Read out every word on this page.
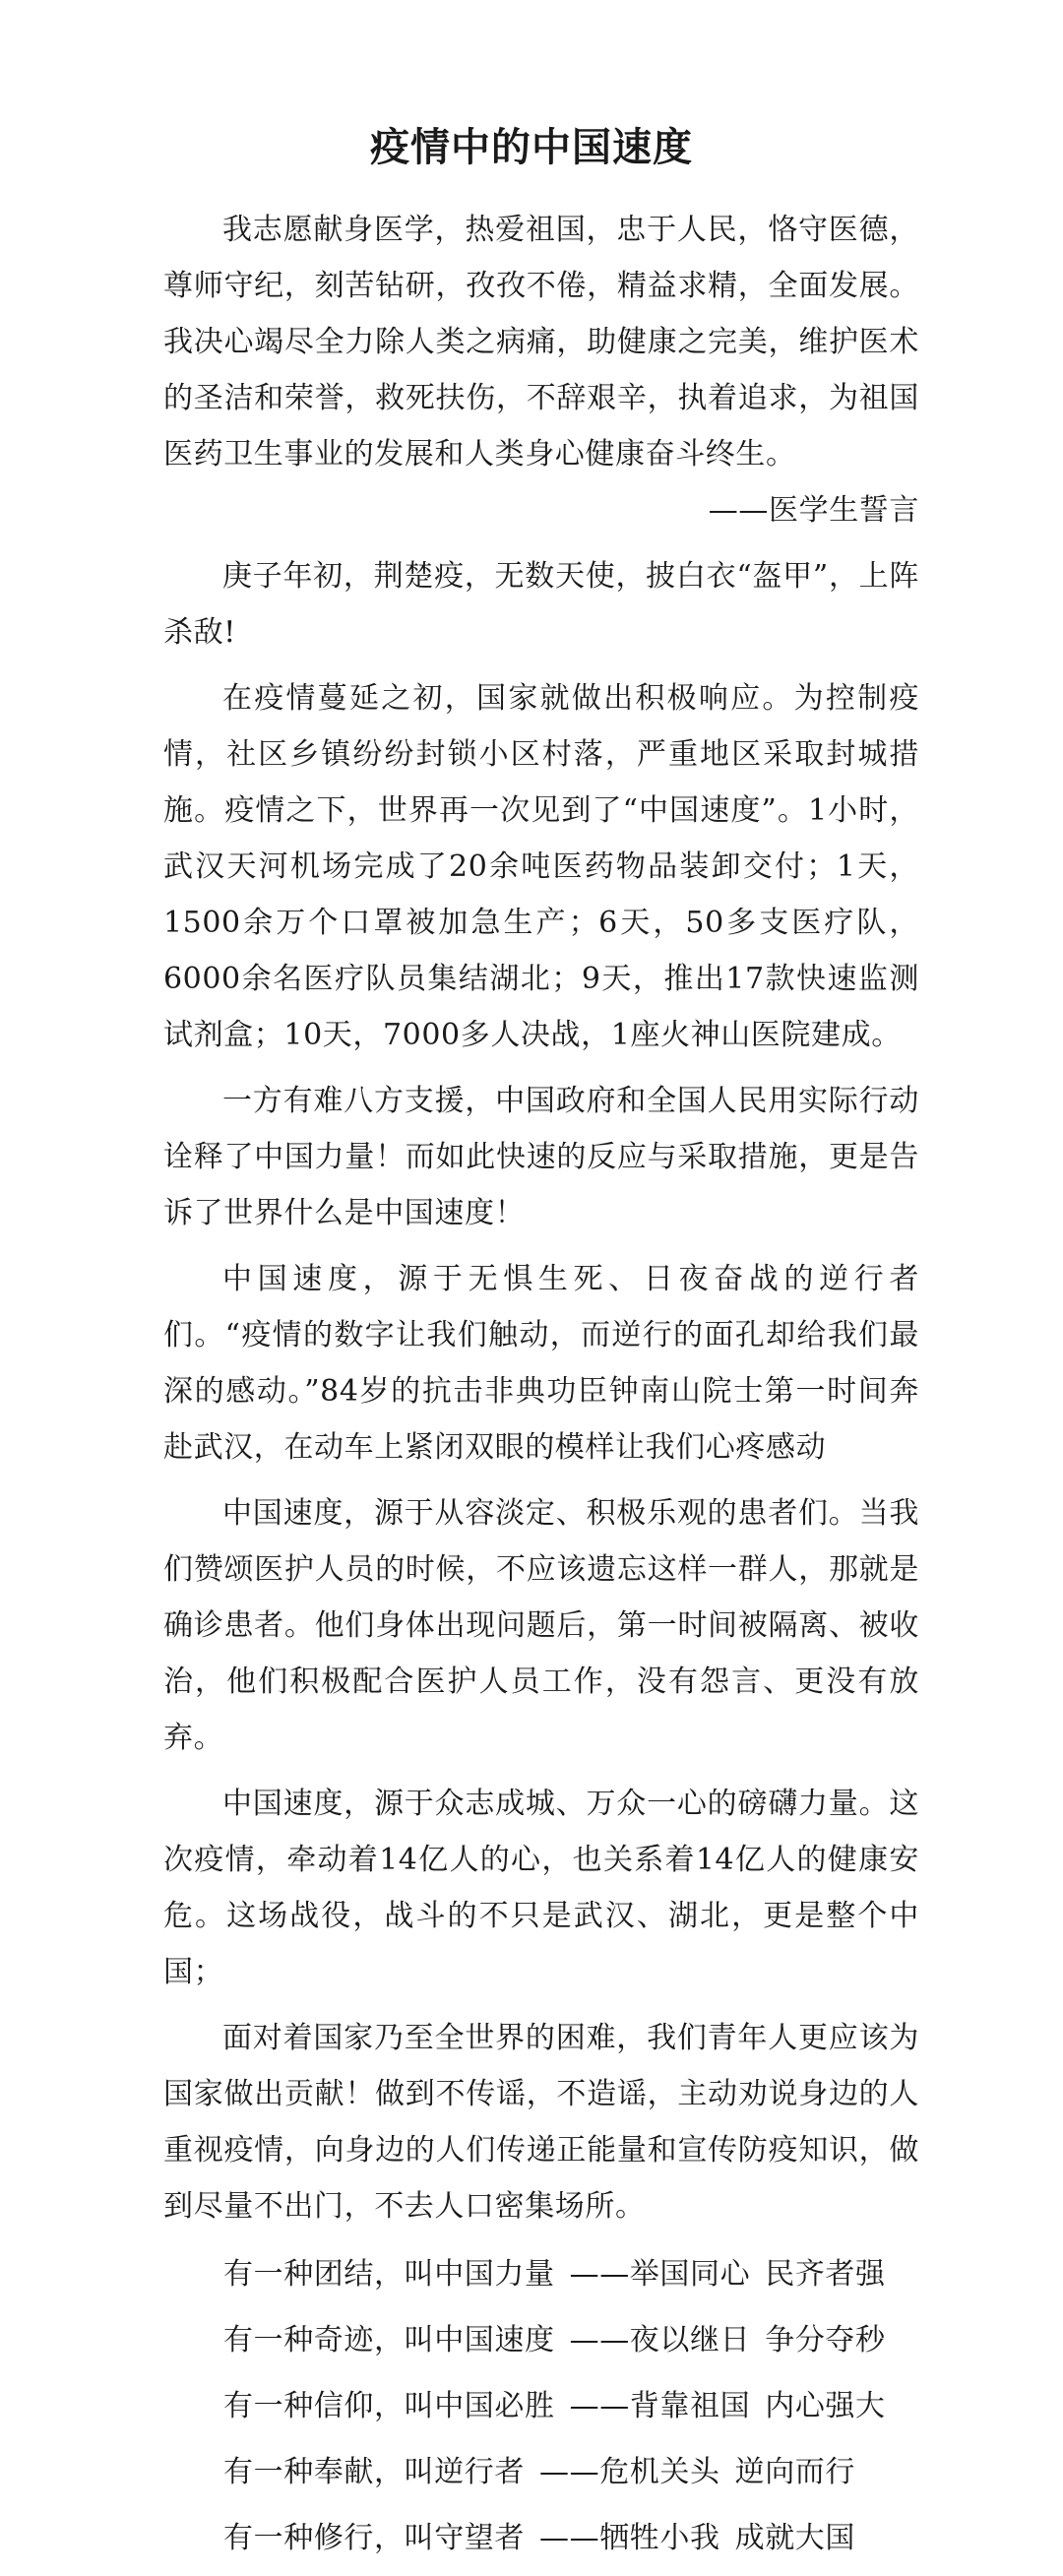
疫情中的中国速度

我志愿献身医学，热爱祖国，忠于人民，恪守医德，尊师守纪，刻苦钻研，孜孜不倦，精益求精，全面发展。我决心竭尽全力除人类之病痛，助健康之完美，维护医术的圣洁和荣誉，救死扶伤，不辞艰辛，执着追求，为祖国医药卫生事业的发展和人类身心健康奋斗终生。
——医学生誓言

庚子年初，荆楚疫，无数天使，披白衣“盔甲”，上阵杀敌!

在疫情蔓延之初，国家就做出积极响应。为控制疫情，社区乡镇纷纷封锁小区村落，严重地区采取封城措施。疫情之下，世界再一次见到了“中国速度”。1小时，武汉天河机场完成了20余吨医药物品装卸交付；1天，1500余万个口罩被加急生产；6天，50多支医疗队，6000余名医疗队员集结湖北；9天，推出17款快速监测试剂盒；10天，7000多人决战，1座火神山医院建成。

一方有难八方支援，中国政府和全国人民用实际行动诠释了中国力量！而如此快速的反应与采取措施，更是告诉了世界什么是中国速度！

中国速度，源于无惧生死、日夜奋战的逆行者们。“疫情的数字让我们触动，而逆行的面孔却给我们最深的感动。”84岁的抗击非典功臣钟南山院士第一时间奔赴武汉，在动车上紧闭双眼的模样让我们心疼感动

中国速度，源于从容淡定、积极乐观的患者们。当我们赞颂医护人员的时候，不应该遗忘这样一群人，那就是确诊患者。他们身体出现问题后，第一时间被隔离、被收治，他们积极配合医护人员工作，没有怨言、更没有放弃。

中国速度，源于众志成城、万众一心的磅礴力量。这次疫情，牵动着14亿人的心，也关系着14亿人的健康安危。这场战役，战斗的不只是武汉、湖北，更是整个中国；

面对着国家乃至全世界的困难，我们青年人更应该为国家做出贡献！做到不传谣，不造谣，主动劝说身边的人重视疫情，向身边的人们传递正能量和宣传防疫知识，做到尽量不出门，不去人口密集场所。

有一种团结，叫中国力量 ——举国同心 民齐者强
有一种奇迹，叫中国速度 ——夜以继日 争分夺秒
有一种信仰，叫中国必胜 ——背靠祖国 内心强大
有一种奉献，叫逆行者 ——危机关头 逆向而行
有一种修行，叫守望者 ——牺牲小我 成就大国
